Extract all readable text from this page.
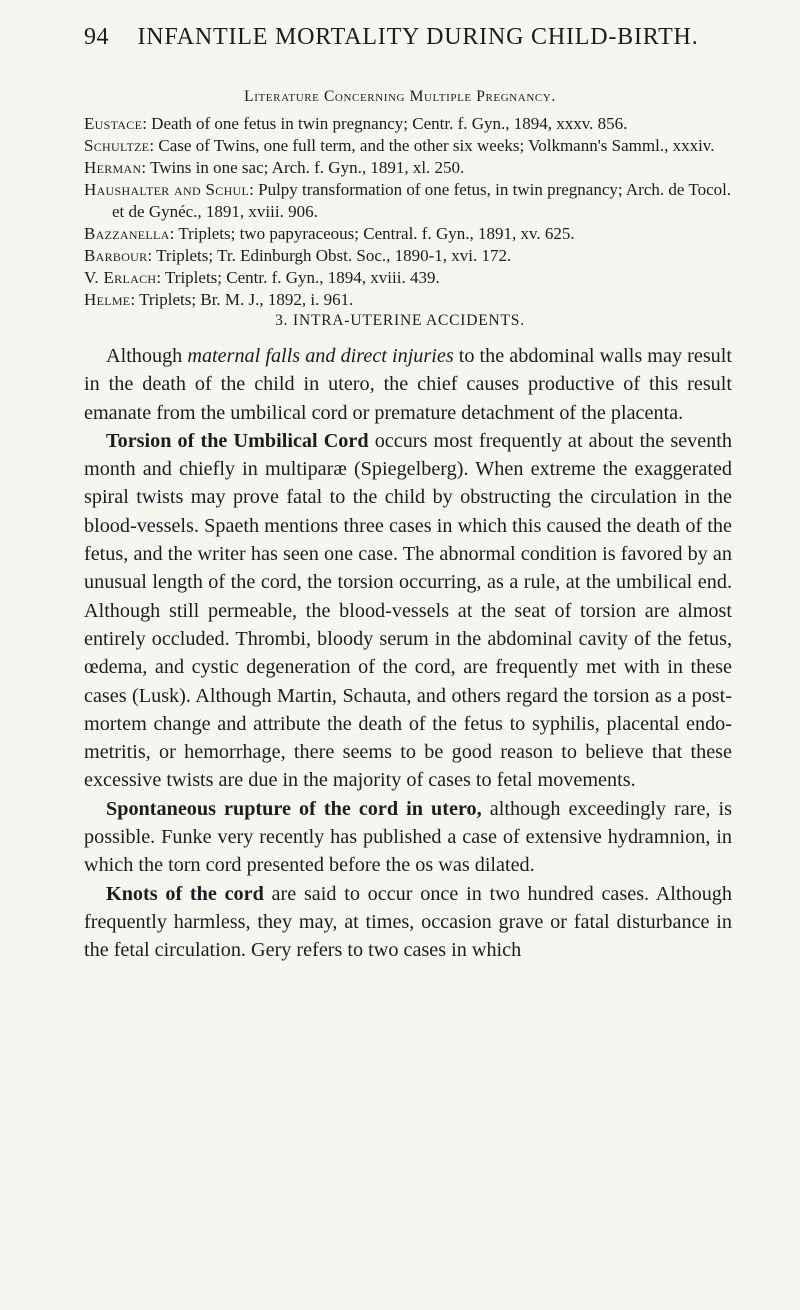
94	INFANTILE MORTALITY DURING CHILD-BIRTH.
Literature Concerning Multiple Pregnancy.

Eustace: Death of one fetus in twin pregnancy; Centr. f. Gyn., 1894, xxxv. 856.

Schultze: Case of Twins, one full term, and the other six weeks; Volkmann's Samml., xxxiv.

Herman: Twins in one sac; Arch. f. Gyn., 1891, xl. 250.

Haushalter and Schul: Pulpy transformation of one fetus, in twin pregnancy; Arch. de Tocol. et de Gynéc., 1891, xviii. 906.

Bazzanella: Triplets; two papyraceous; Central. f. Gyn., 1891, xv. 625.

Barbour: Triplets; Tr. Edinburgh Obst. Soc., 1890-1, xvi. 172.

V. Erlach: Triplets; Centr. f. Gyn., 1894, xviii. 439.

Helme: Triplets; Br. M. J., 1892, i. 961.

3. INTRA-UTERINE ACCIDENTS.

Although maternal falls and direct injuries to the abdominal walls may result in the death of the child in utero, the chief causes productive of this result emanate from the umbilical cord or premature detachment of the placenta.

Torsion of the Umbilical Cord occurs most frequently at about the seventh month and chiefly in multiparæ (Spiegelberg). When extreme the exaggerated spiral twists may prove fatal to the child by obstructing the circulation in the blood-vessels. Spaeth mentions three cases in which this caused the death of the fetus, and the writer has seen one case. The abnormal condition is favored by an unusual length of the cord, the torsion occurring, as a rule, at the umbilical end. Although still permeable, the blood-vessels at the seat of torsion are almost entirely occluded. Thrombi, bloody serum in the abdominal cavity of the fetus, œdema, and cystic degeneration of the cord, are frequently met with in these cases (Lusk). Although Martin, Schauta, and others regard the torsion as a post-mortem change and attribute the death of the fetus to syphilis, placental endo-metritis, or hemorrhage, there seems to be good reason to believe that these excessive twists are due in the majority of cases to fetal movements.

Spontaneous rupture of the cord in utero, although exceedingly rare, is possible. Funke very recently has published a case of extensive hydramnion, in which the torn cord presented before the os was dilated.

Knots of the cord are said to occur once in two hundred cases. Although frequently harmless, they may, at times, occasion grave or fatal disturbance in the fetal circulation. Gery refers to two cases in which
